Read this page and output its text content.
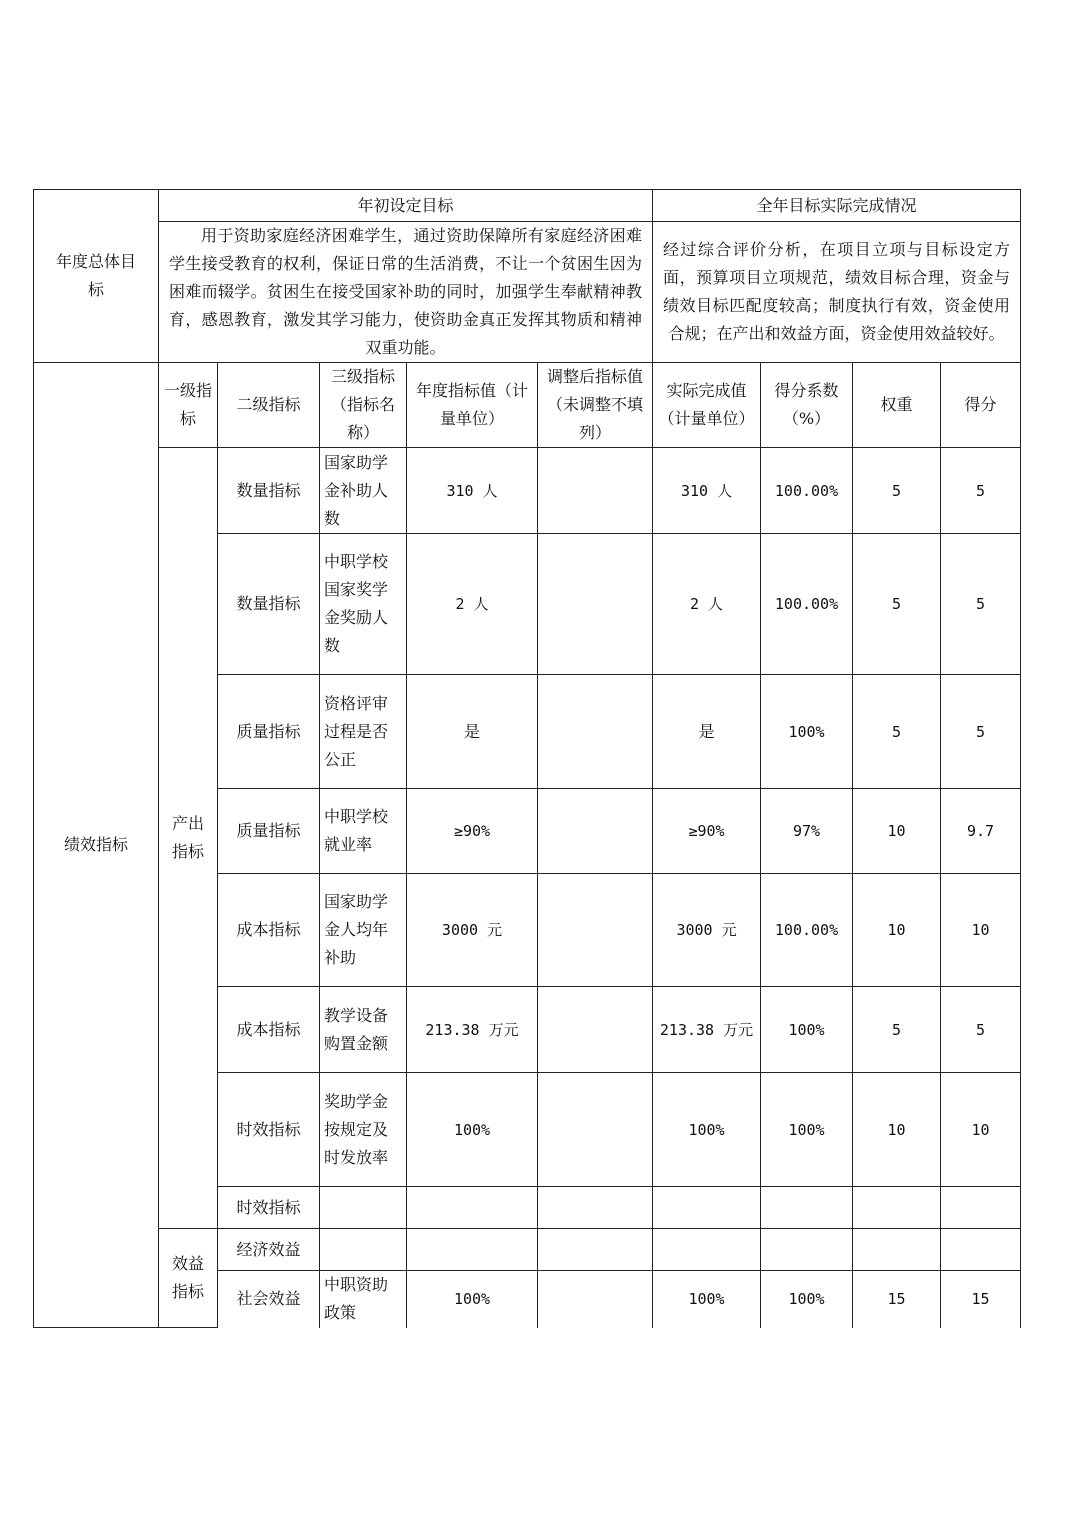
年度总体目标	年初设定目标					全年目标实际完成情况			
	用于资助家庭经济困难学生，通过资助保障所有家庭经济困难学生接受教育的权利，保证日常的生活消费，不让一个贫困生因为困难而辍学。贫困生在接受国家补助的同时，加强学生奉献精神教育，感恩教育，激发其学习能力，使资助金真正发挥其物质和精神双重功能。					经过综合评价分析，在项目立项与目标设定方面，预算项目立项规范，绩效目标合理，资金与绩效目标匹配度较高；制度执行有效，资金使用合规；在产出和效益方面，资金使用效益较好。			
绩效指标	一级指标	二级指标	三级指标（指标名称）	年度指标值（计量单位）	调整后指标值（未调整不填列）	实际完成值（计量单位）	得分系数（%）	权重	得分
	产出指标	数量指标	国家助学金补助人数	310 人		310 人	100.00%	5	5
		数量指标	中职学校国家奖学金奖励人数	2 人		2 人	100.00%	5	5
		质量指标	资格评审过程是否公正	是		是	100%	5	5
		质量指标	中职学校就业率	≥90%		≥90%	97%	10	9.7
		成本指标	国家助学金人均年补助	3000 元		3000 元	100.00%	10	10
		成本指标	教学设备购置金额	213.38 万元		213.38 万元	100%	5	5
		时效指标	奖助学金按规定及时发放率	100%		100%	100%	10	10
		时效指标							
	效益指标	经济效益							
		社会效益	中职资助政策	100%		100%	100%	15	15
